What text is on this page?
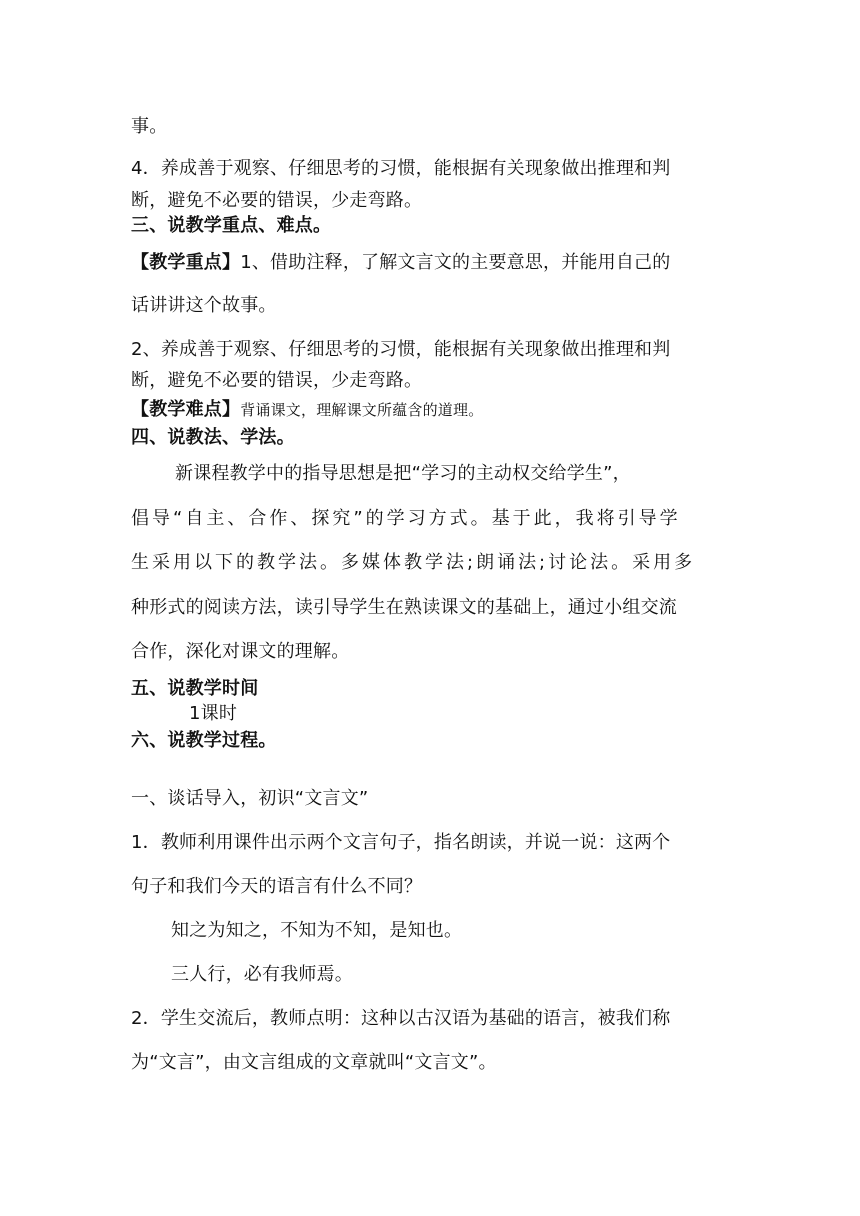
事。
4．养成善于观察、仔细思考的习惯，能根据有关现象做出推理和判
断，避免不必要的错误，少走弯路。
三、说教学重点、难点。
【教学重点】1、借助注释，了解文言文的主要意思，并能用自己的
话讲讲这个故事。
2、养成善于观察、仔细思考的习惯，能根据有关现象做出推理和判
断，避免不必要的错误，少走弯路。
【教学难点】背诵课文，理解课文所蕴含的道理。
四、说教法、学法。
新课程教学中的指导思想是把“学习的主动权交给学生”，
倡导“自主、合作、探究”的学习方式。基于此，我将引导学
生采用以下的教学法。多媒体教学法;朗诵法;讨论法。采用多
种形式的阅读方法，读引导学生在熟读课文的基础上，通过小组交流
合作，深化对课文的理解。
五、说教学时间
1课时
六、说教学过程。
一、谈话导入，初识“文言文”
1．教师利用课件出示两个文言句子，指名朗读，并说一说：这两个
句子和我们今天的语言有什么不同？
知之为知之，不知为不知，是知也。
三人行，必有我师焉。
2．学生交流后，教师点明：这种以古汉语为基础的语言，被我们称
为“文言”，由文言组成的文章就叫“文言文”。
